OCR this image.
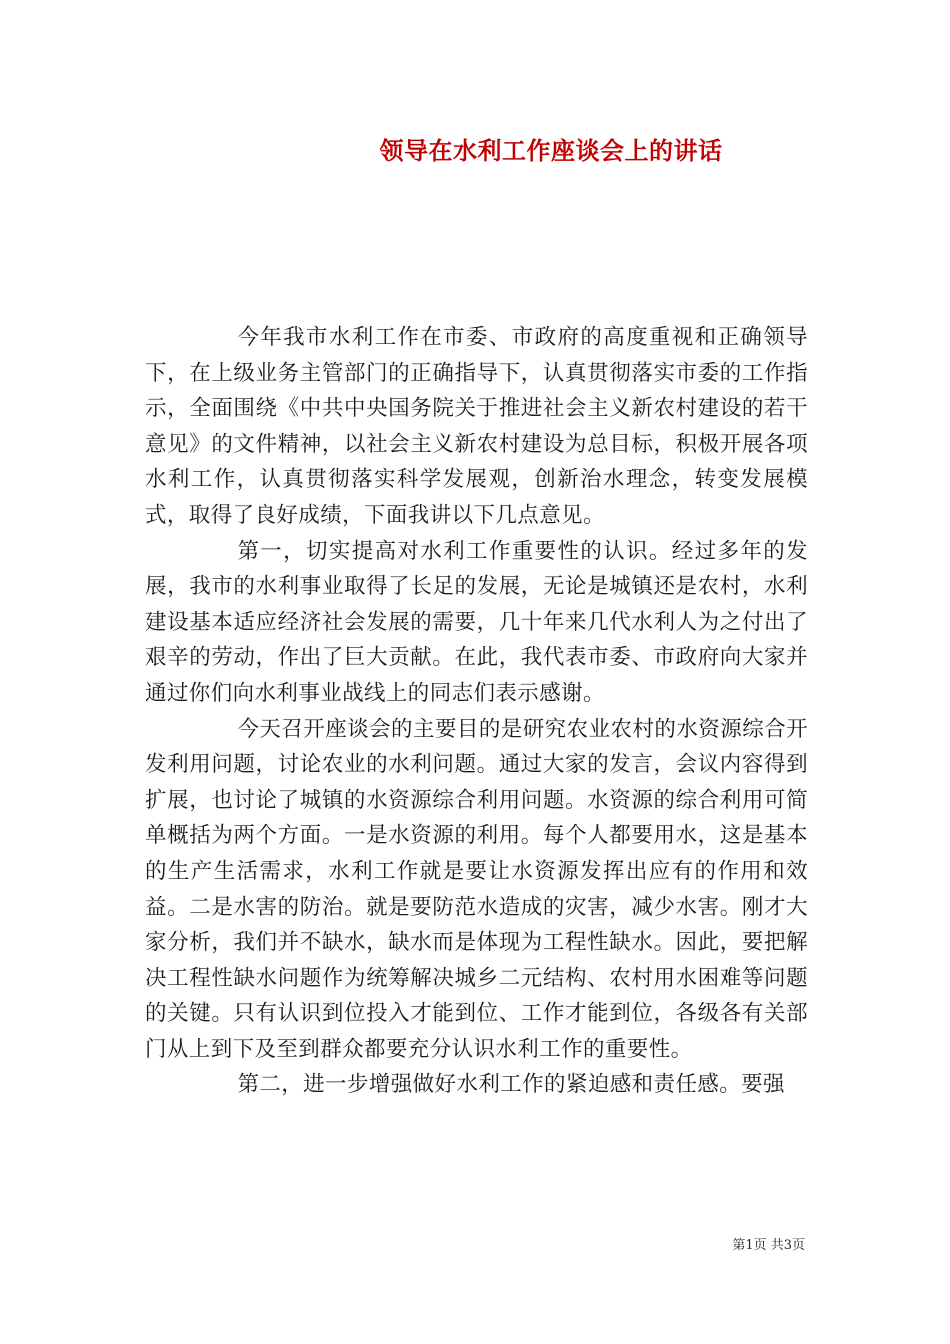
领导在水利工作座谈会上的讲话

今年我市水利工作在市委、市政府的高度重视和正确领导下，在上级业务主管部门的正确指导下，认真贯彻落实市委的工作指示，全面围绕《中共中央国务院关于推进社会主义新农村建设的若干意见》的文件精神，以社会主义新农村建设为总目标，积极开展各项水利工作，认真贯彻落实科学发展观，创新治水理念，转变发展模式，取得了良好成绩，下面我讲以下几点意见。

第一，切实提高对水利工作重要性的认识。经过多年的发展，我市的水利事业取得了长足的发展，无论是城镇还是农村，水利建设基本适应经济社会发展的需要，几十年来几代水利人为之付出了艰辛的劳动，作出了巨大贡献。在此，我代表市委、市政府向大家并通过你们向水利事业战线上的同志们表示感谢。

今天召开座谈会的主要目的是研究农业农村的水资源综合开发利用问题，讨论农业的水利问题。通过大家的发言，会议内容得到扩展，也讨论了城镇的水资源综合利用问题。水资源的综合利用可简单概括为两个方面。一是水资源的利用。每个人都要用水，这是基本的生产生活需求，水利工作就是要让水资源发挥出应有的作用和效益。二是水害的防治。就是要防范水造成的灾害，减少水害。刚才大家分析，我们并不缺水，缺水而是体现为工程性缺水。因此，要把解决工程性缺水问题作为统筹解决城乡二元结构、农村用水困难等问题的关键。只有认识到位投入才能到位、工作才能到位，各级各有关部门从上到下及至到群众都要充分认识水利工作的重要性。

第二，进一步增强做好水利工作的紧迫感和责任感。要强

第1页 共3页
